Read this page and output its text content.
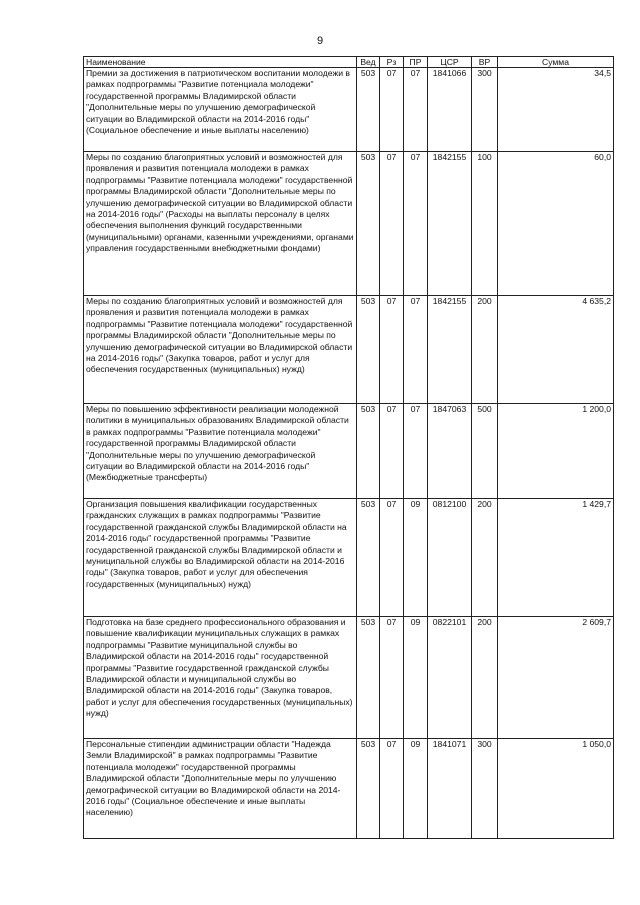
9
Наименование	Вед	Рз	ПР	ЦСР	ВР	Сумма
Премии за достижения в патриотическом воспитании молодежи в рамках подпрограммы "Развитие потенциала молодежи" государственной программы Владимирской области "Дополнительные меры по улучшению демографической ситуации во Владимирской области на 2014-2016 годы" (Социальное обеспечение и иные выплаты населению)	503	07	07	1841066	300	34,5
Меры по созданию благоприятных условий и возможностей для проявления и развития потенциала молодежи в рамках подпрограммы "Развитие потенциала молодежи" государственной программы Владимирской области "Дополнительные меры по улучшению демографической ситуации во Владимирской области на 2014-2016 годы" (Расходы на выплаты персоналу в целях обеспечения выполнения функций государственными (муниципальными) органами, казенными учреждениями, органами управления государственными внебюджетными фондами)	503	07	07	1842155	100	60,0
Меры по созданию благоприятных условий и возможностей для проявления и развития потенциала молодежи в рамках подпрограммы "Развитие потенциала молодежи" государственной программы Владимирской области "Дополнительные меры по улучшению демографической ситуации во Владимирской области на 2014-2016 годы" (Закупка товаров, работ и услуг для обеспечения государственных (муниципальных) нужд)	503	07	07	1842155	200	4 635,2
Меры по повышению эффективности реализации молодежной политики в муниципальных образованиях Владимирской области в рамках подпрограммы "Развитие потенциала молодежи" государственной программы Владимирской области "Дополнительные меры по улучшению демографической ситуации во Владимирской области на 2014-2016 годы" (Межбюджетные трансферты)	503	07	07	1847063	500	1 200,0
Организация повышения квалификации государственных гражданских служащих в рамках подпрограммы "Развитие государственной гражданской службы Владимирской области на 2014-2016 годы" государственной программы "Развитие государственной гражданской службы Владимирской области и муниципальной службы во Владимирской области на 2014-2016 годы" (Закупка товаров, работ и услуг для обеспечения государственных (муниципальных) нужд)	503	07	09	0812100	200	1 429,7
Подготовка на базе среднего профессионального образования и повышение квалификации муниципальных служащих в рамках подпрограммы "Развитие муниципальной службы во Владимирской области на 2014-2016 годы" государственной программы "Развитие государственной гражданской службы Владимирской области и муниципальной службы во Владимирской области на 2014-2016 годы" (Закупка товаров, работ и услуг для обеспечения государственных (муниципальных) нужд)	503	07	09	0822101	200	2 609,7
Персональные стипендии администрации области "Надежда Земли Владимирской" в рамках подпрограммы "Развитие потенциала молодежи" государственной программы Владимирской области "Дополнительные меры по улучшению демографической ситуации во Владимирской области на 2014-2016 годы" (Социальное обеспечение и иные выплаты населению)	503	07	09	1841071	300	1 050,0
